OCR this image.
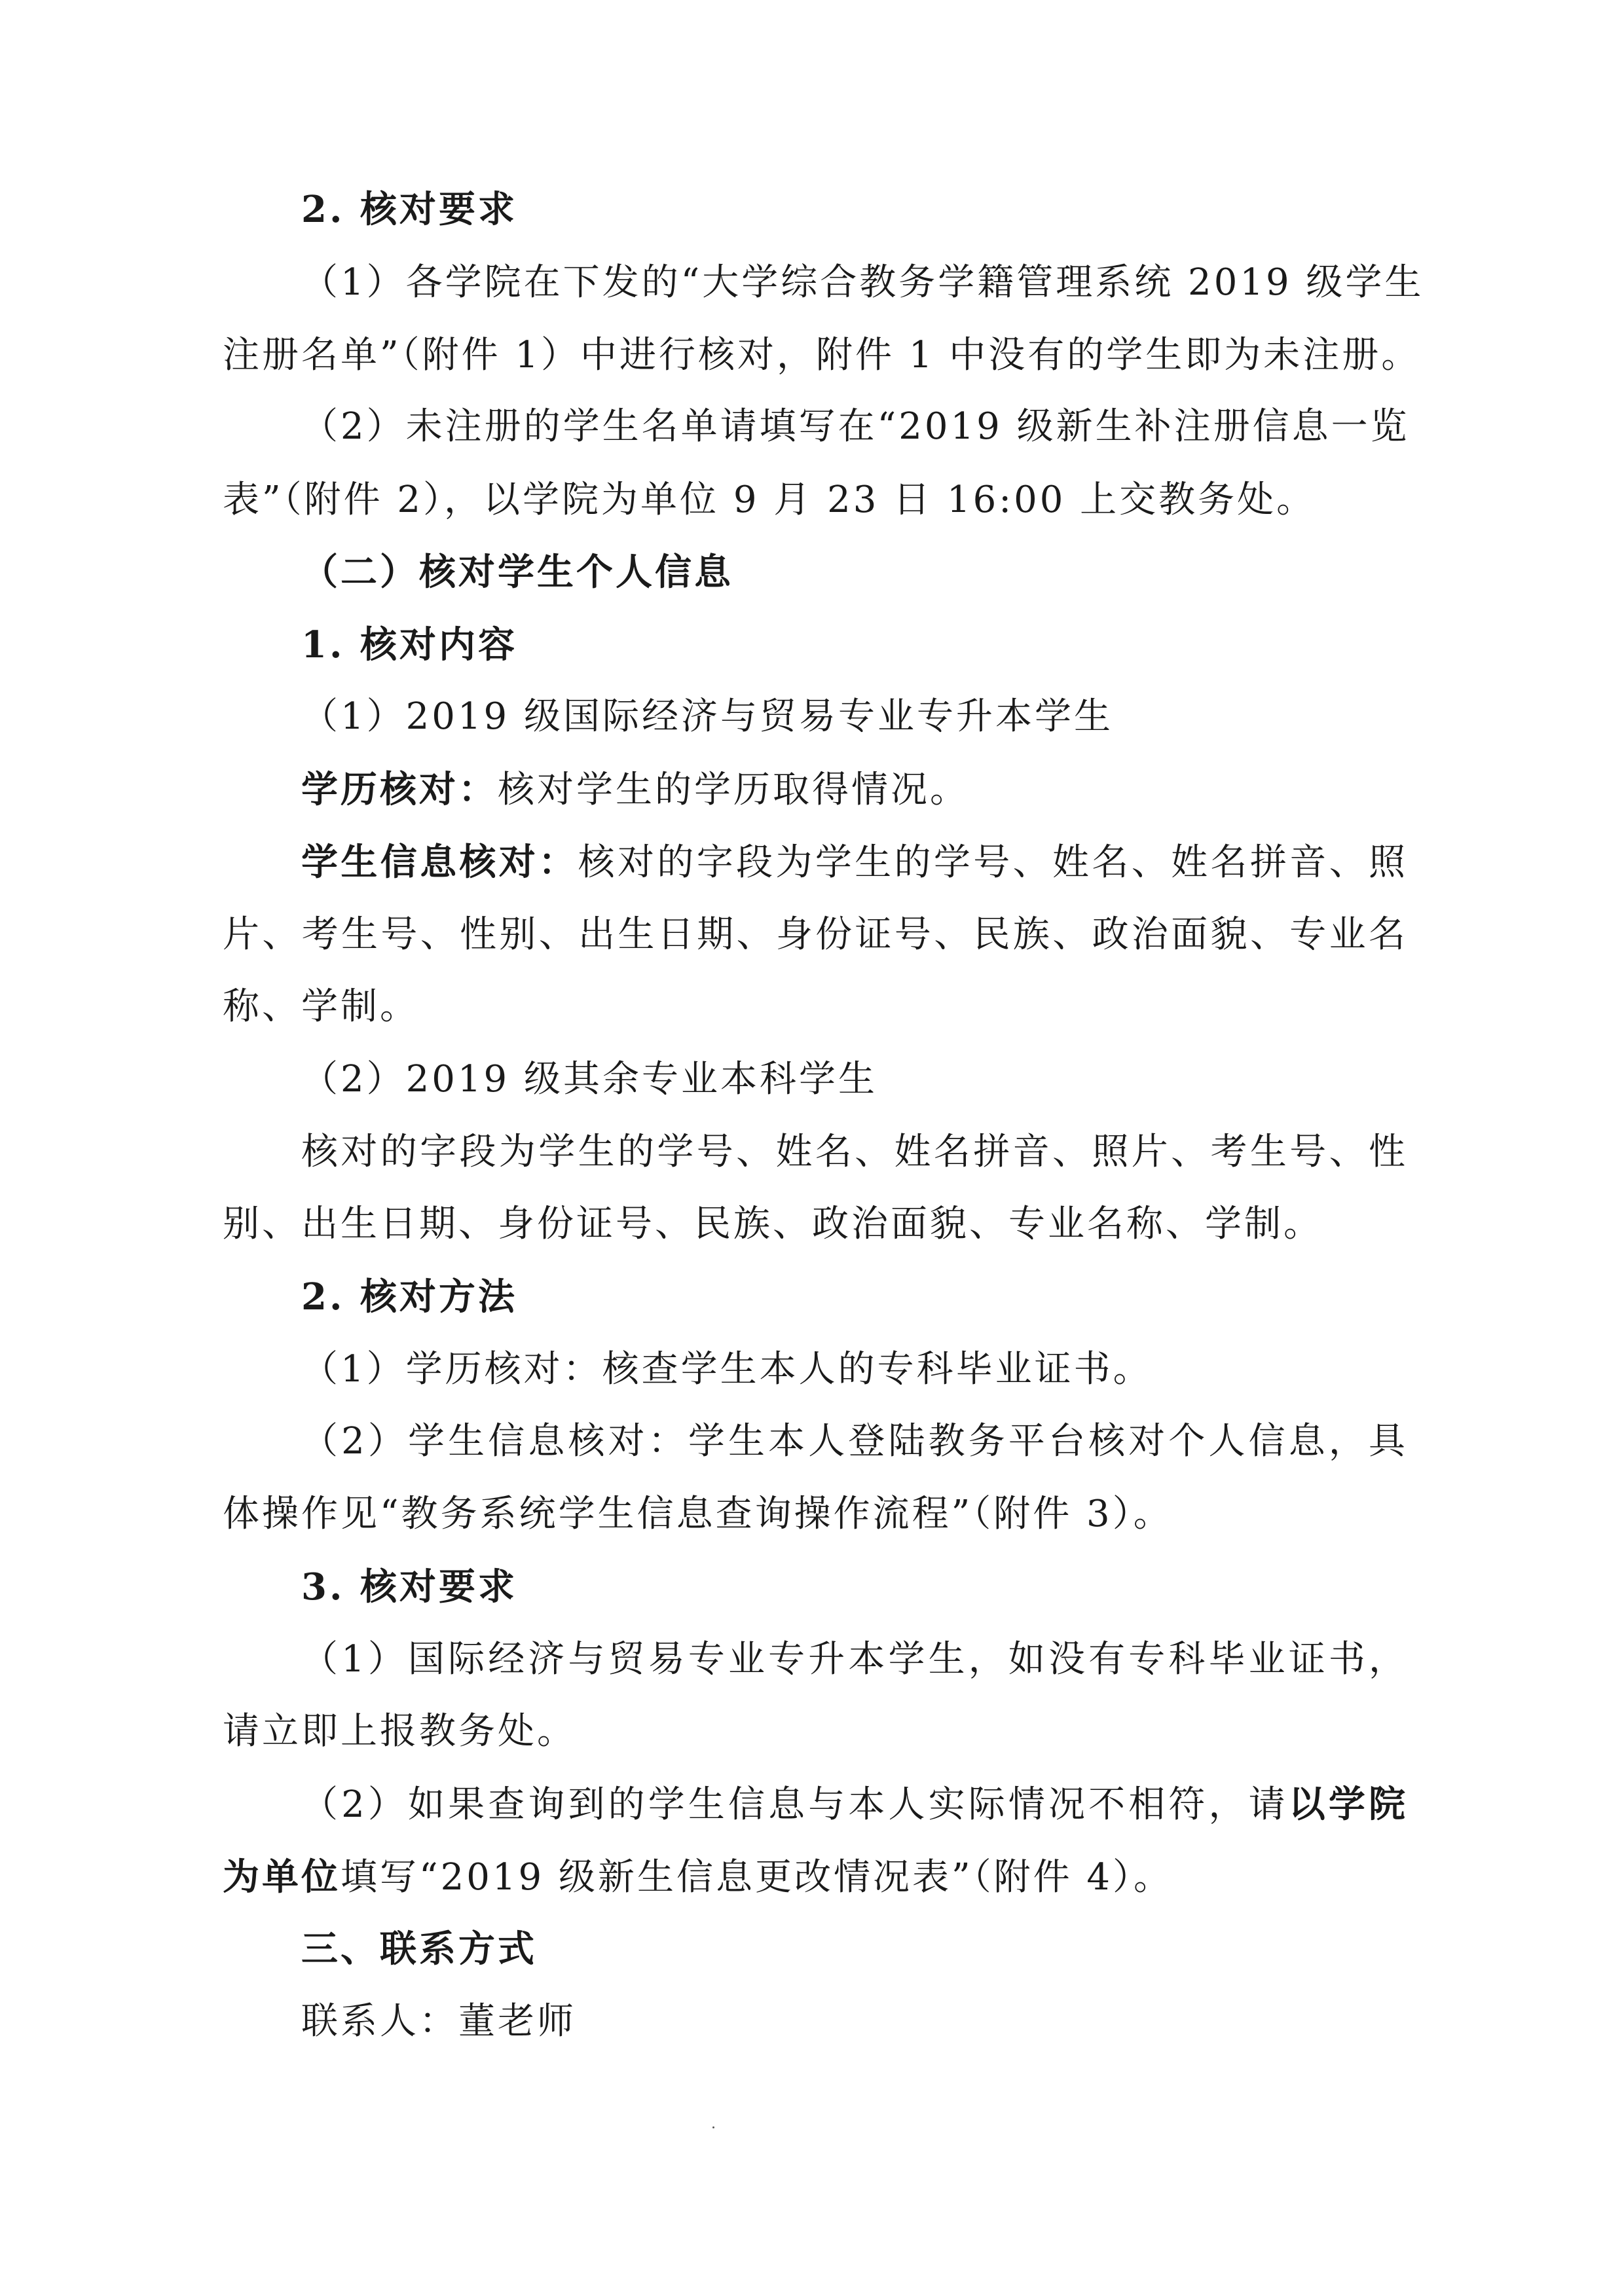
2. 核对要求
（1）各学院在下发的“大学综合教务学籍管理系统 2019 级学生
注册名单”（附件 1）中进行核对，附件 1 中没有的学生即为未注册。
（2）未注册的学生名单请填写在“2019 级新生补注册信息一览
表”（附件 2），以学院为单位 9 月 23 日 16:00 上交教务处。
（二）核对学生个人信息
1. 核对内容
（1）2019 级国际经济与贸易专业专升本学生
学历核对：核对学生的学历取得情况。
学生信息核对：核对的字段为学生的学号、姓名、姓名拼音、照
片、考生号、性别、出生日期、身份证号、民族、政治面貌、专业名
称、学制。
（2）2019 级其余专业本科学生
核对的字段为学生的学号、姓名、姓名拼音、照片、考生号、性
别、出生日期、身份证号、民族、政治面貌、专业名称、学制。
2. 核对方法
（1）学历核对：核查学生本人的专科毕业证书。
（2）学生信息核对：学生本人登陆教务平台核对个人信息，具
体操作见“教务系统学生信息查询操作流程”（附件 3）。
3. 核对要求
（1）国际经济与贸易专业专升本学生，如没有专科毕业证书，
请立即上报教务处。
（2）如果查询到的学生信息与本人实际情况不相符，请以学院
为单位填写“2019 级新生信息更改情况表”（附件 4）。
三、联系方式
联系人：董老师
